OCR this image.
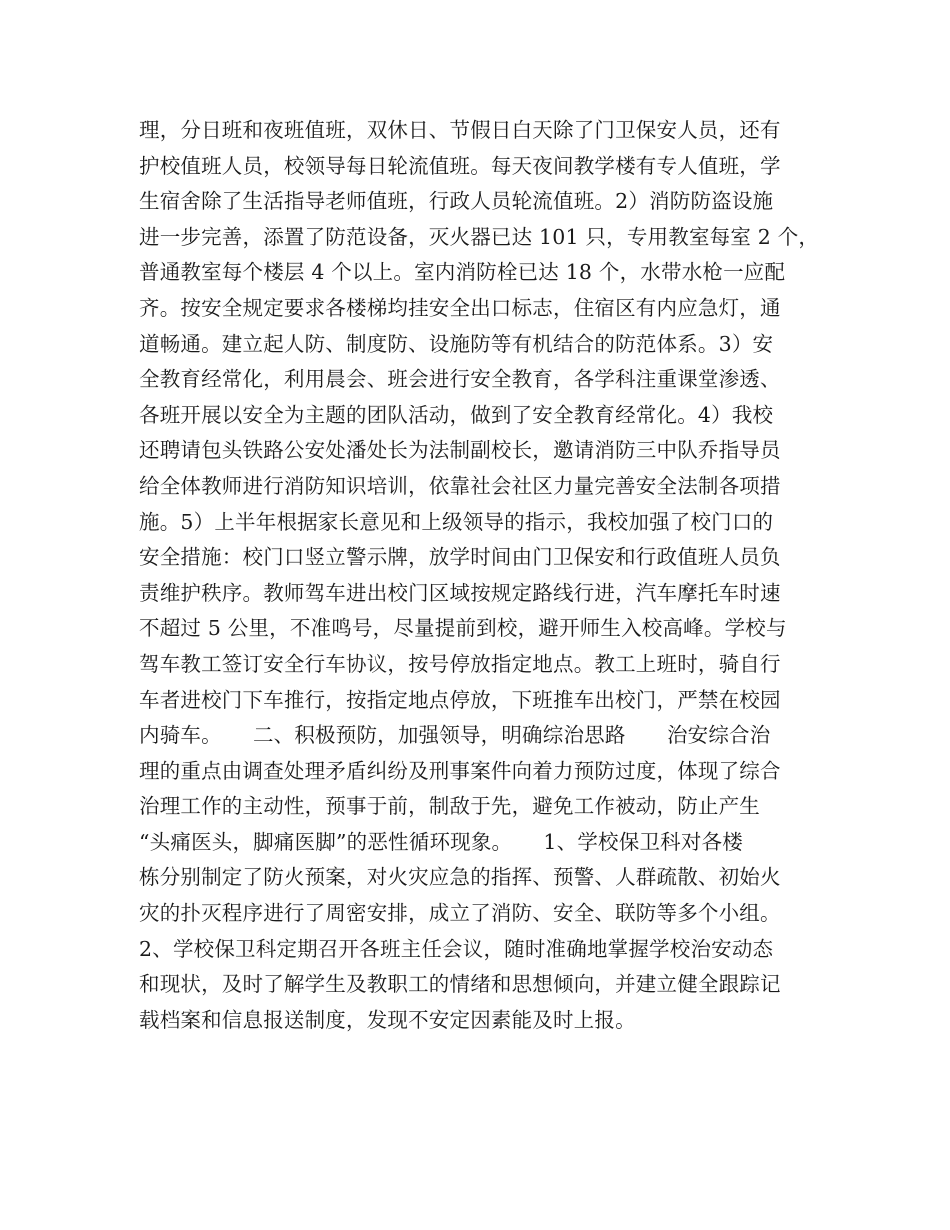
理，分日班和夜班值班，双休日、节假日白天除了门卫保安人员，还有
护校值班人员，校领导每日轮流值班。每天夜间教学楼有专人值班，学
生宿舍除了生活指导老师值班，行政人员轮流值班。2）消防防盗设施
进一步完善，添置了防范设备，灭火器已达 101 只，专用教室每室 2 个，
普通教室每个楼层 4 个以上。室内消防栓已达 18 个，水带水枪一应配
齐。按安全规定要求各楼梯均挂安全出口标志，住宿区有内应急灯，通
道畅通。建立起人防、制度防、设施防等有机结合的防范体系。3）安
全教育经常化，利用晨会、班会进行安全教育，各学科注重课堂渗透、
各班开展以安全为主题的团队活动，做到了安全教育经常化。4）我校
还聘请包头铁路公安处潘处长为法制副校长，邀请消防三中队乔指导员
给全体教师进行消防知识培训，依靠社会社区力量完善安全法制各项措
施。5）上半年根据家长意见和上级领导的指示，我校加强了校门口的
安全措施：校门口竖立警示牌，放学时间由门卫保安和行政值班人员负
责维护秩序。教师驾车进出校门区域按规定路线行进，汽车摩托车时速
不超过 5 公里，不准鸣号，尽量提前到校，避开师生入校高峰。学校与
驾车教工签订安全行车协议，按号停放指定地点。教工上班时，骑自行
车者进校门下车推行，按指定地点停放，下班推车出校门，严禁在校园
内骑车。　　二、积极预防，加强领导，明确综治思路　　治安综合治
理的重点由调查处理矛盾纠纷及刑事案件向着力预防过度，体现了综合
治理工作的主动性，预事于前，制敌于先，避免工作被动，防止产生
“头痛医头，脚痛医脚”的恶性循环现象。　　1、学校保卫科对各楼
栋分别制定了防火预案，对火灾应急的指挥、预警、人群疏散、初始火
灾的扑灭程序进行了周密安排，成立了消防、安全、联防等多个小组。
2、学校保卫科定期召开各班主任会议，随时准确地掌握学校治安动态
和现状，及时了解学生及教职工的情绪和思想倾向，并建立健全跟踪记
载档案和信息报送制度，发现不安定因素能及时上报。
